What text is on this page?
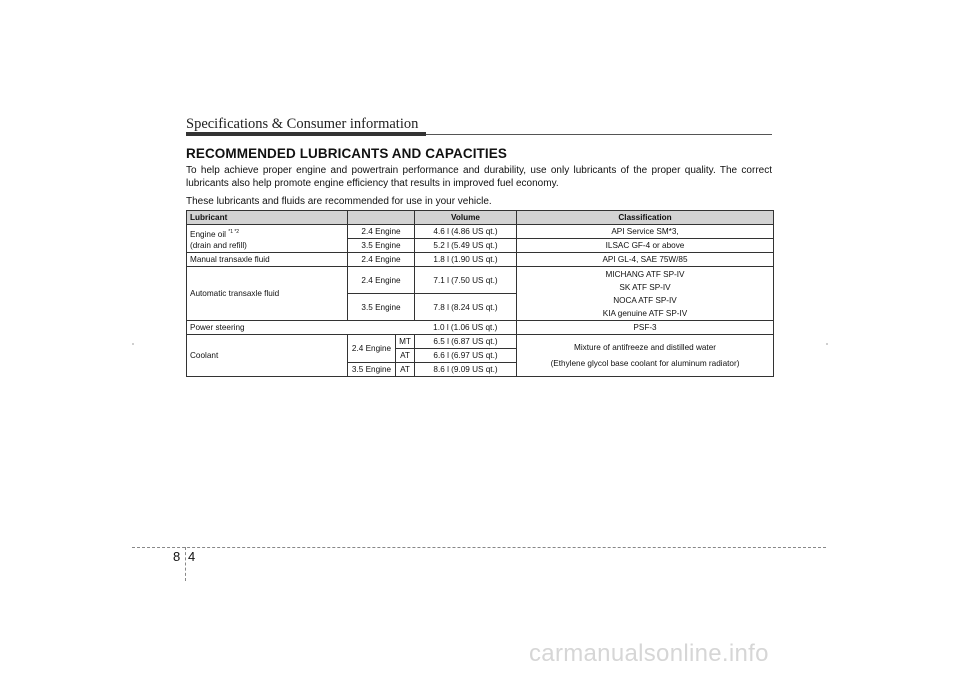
Specifications & Consumer information
RECOMMENDED LUBRICANTS AND CAPACITIES

To help achieve proper engine and powertrain performance and durability, use only lubricants of the proper quality. The correct lubricants also help promote engine efficiency that results in improved fuel economy.

These lubricants and fluids are recommended for use in your vehicle.

Lubricant			Volume	Classification
Engine oil $^{*1 *2}$
(drain and refill)	2.4 Engine		4.6 l (4.86 US qt.)	API Service SM*3,
	3.5 Engine		5.2 l (5.49 US qt.)	ILSAC GF-4 or above
Manual transaxle fluid	2.4 Engine		1.8 l (1.90 US qt.)	API GL-4, SAE 75W/85
Automatic transaxle fluid	2.4 Engine		7.1 l (7.50 US qt.)	MICHANG ATF SP-IV
SK ATF SP-IV
NOCA ATF SP-IV
KIA genuine ATF SP-IV

	3.5 Engine		7.8 l (8.24 US qt.)	
Power steering			1.0 l (1.06 US qt.)	PSF-3
Coolant	2.4 Engine	MT	6.5 l (6.87 US qt.)	Mixture of antifreeze and distilled water
(Ethylene glycol base coolant for aluminum radiator)

		AT	6.6 l (6.97 US qt.)	
	3.5 Engine	AT	8.6 l (9.09 US qt.)	
8 4
carmanualsonline.info
